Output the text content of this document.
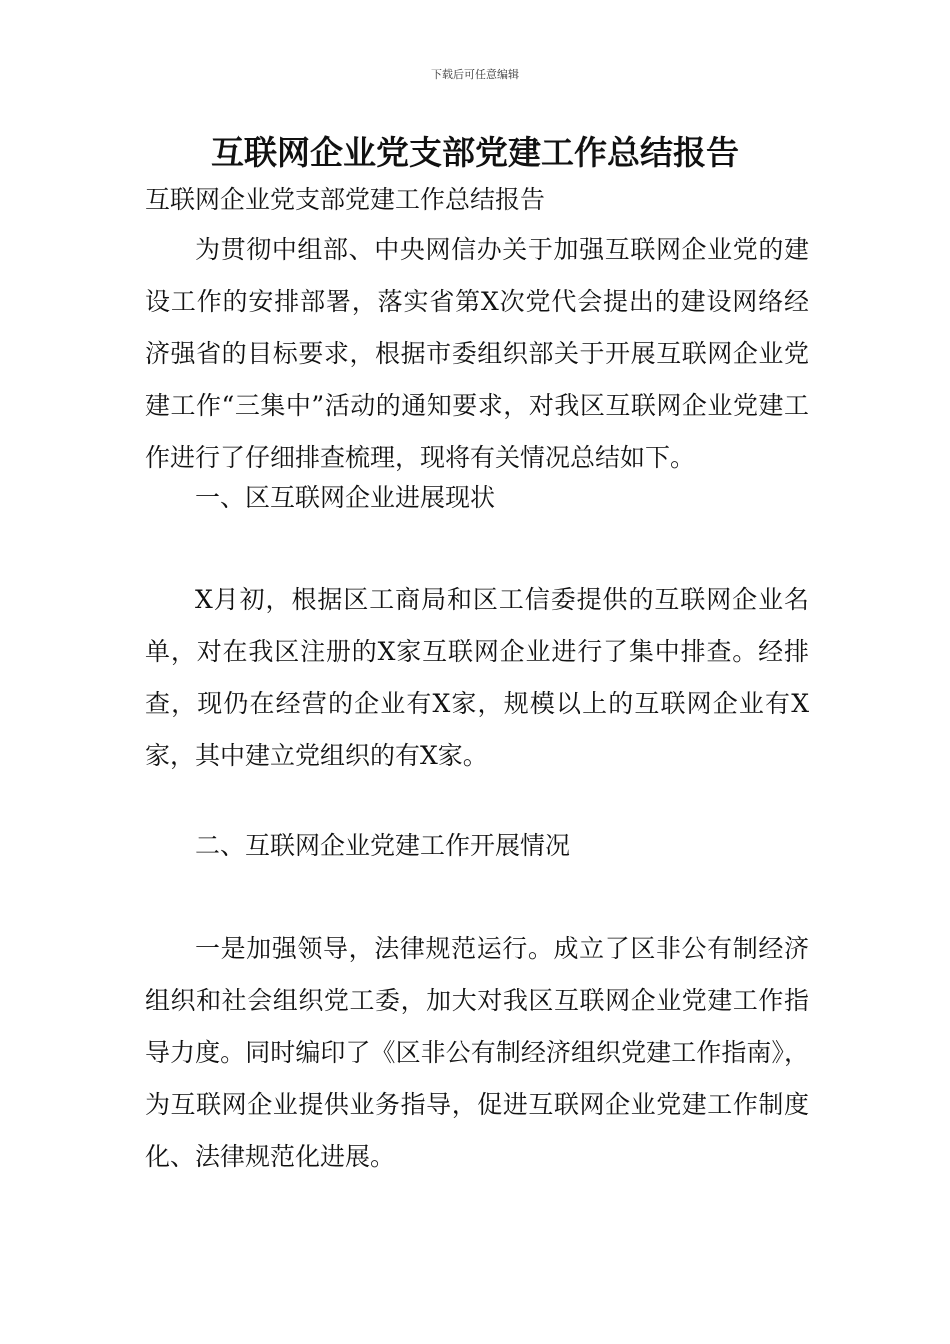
下载后可任意编辑
互联网企业党支部党建工作总结报告

互联网企业党支部党建工作总结报告

为贯彻中组部、中央网信办关于加强互联网企业党的建设工作的安排部署，落实省第X次党代会提出的建设网络经济强省的目标要求，根据市委组织部关于开展互联网企业党建工作“三集中”活动的通知要求，对我区互联网企业党建工作进行了仔细排查梳理，现将有关情况总结如下。

一、区互联网企业进展现状

X月初，根据区工商局和区工信委提供的互联网企业名单，对在我区注册的X家互联网企业进行了集中排查。经排查，现仍在经营的企业有X家，规模以上的互联网企业有X家，其中建立党组织的有X家。

二、互联网企业党建工作开展情况

一是加强领导，法律规范运行。成立了区非公有制经济组织和社会组织党工委，加大对我区互联网企业党建工作指导力度。同时编印了《区非公有制经济组织党建工作指南》，为互联网企业提供业务指导，促进互联网企业党建工作制度化、法律规范化进展。
